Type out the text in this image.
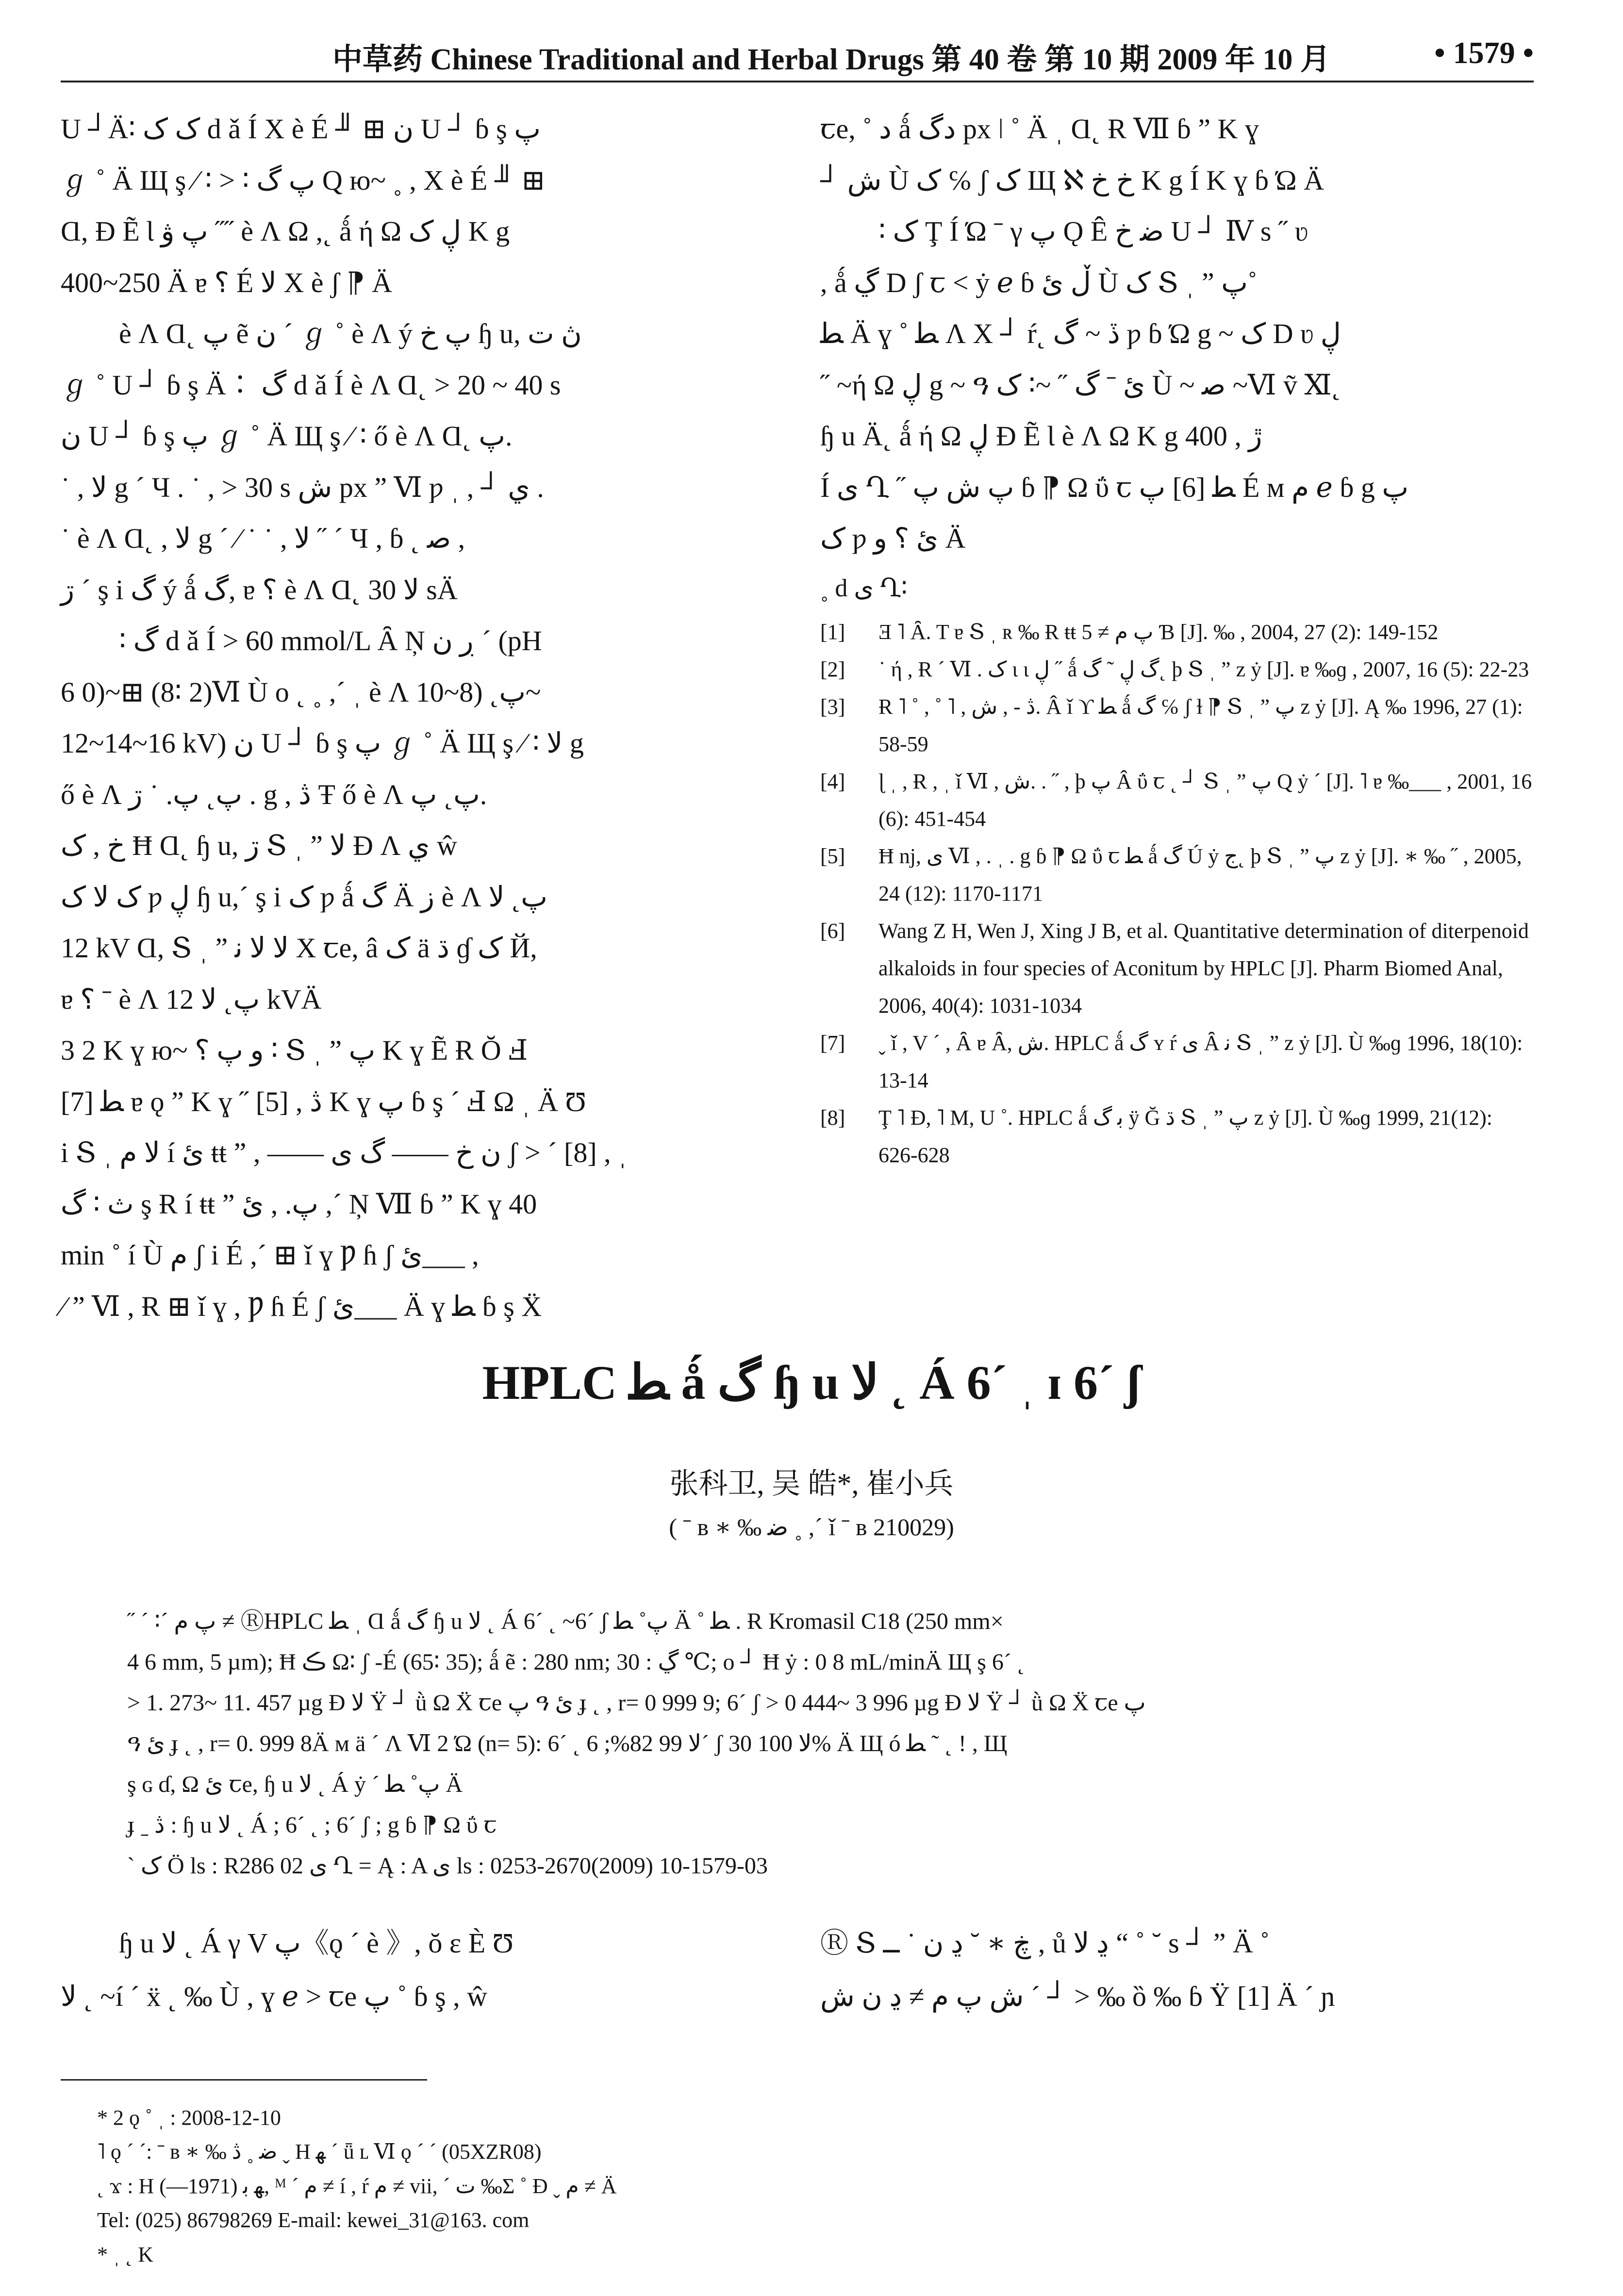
中草药 Chinese Traditional and Herbal Drugs 第 40 卷 第 10 期 2009 年 10 月	• 1579 •

U ┘Ä∶ ک ک d ǎ Í X è É ╜ ⊞ ن U ┘ ɓ ş پ

ℊ ˚ Ä Щ ş ⁄ ∶ > ∶ پ گ Q ю~ ˳ , X è É ╜ ⊞

Ɑ, Ɖ Ẽ Ɩ پ ۋ ˝˝ è Ʌ Ω ,˛ ǻ ή Ω ڸ ک K g

400~250 Ä ɐ ؟ É ﻻ X è ʃ ⁋ Ä

è Ʌ Ɑ˛ پ ẽ ن ˊ ℊ ˚ è Ʌ ý پ خ ɧ u, ڽ ت

ℊ ˚ U ┘ ɓ ş Ä∶ گ d ǎ Í è Ʌ Ɑ˛ > 20 ~ 40 s

ن U ┘ ɓ ş پ ℊ ˚ Ä Щ ş ⁄ ∶ ő è Ʌ Ɑ˛ پ.

˙ , ﻻ g ˊ Ч . ˙ , > 30 s ﺵ px ˮ Ⅵ ƿ ˌ , ┘ ي .

˙ è Ʌ Ɑ˛ , ﻻ g ˊ ⁄ ˙ ˙ , ﻻ ˝ ˊ Ч , ɓ ˛ ﺻ ,

ڗ ˊ ş і گ ý ǻ گ, ɐ ؟ è Ʌ Ɑ˛ ﻻ 30 sÄ

∶ گ d ǎ Í > 60 mmol/L Ȃ Ņ ڔ ن ˊ (pH

6 0)~⊞ (8∶ 2)Ⅵ Ù o ˛ ˳ ,ˊ ˌ è Ʌ پ˛ (8~10~

12~14~16 kV) ن U ┘ ɓ ş پ ℊ ˚ Ä Щ ş ⁄ ∶ ﻻ g

ő è Ʌ پ˛ پ. ˙ ڗ . g , ڎ Ŧ ő è Ʌ پ˛ پ.

خ , ک Ħ Ɑ˛ ɧ u, ڗ Տ ˌ ˮ ﻻ Ɖ Ʌ ﻱ ŵ

ک ﻻ ک ƿ ڸ ɧ u,ˊ ş і ک ƿ ǻ گ Ä ز è Ʌ پ˛ ﻻ

12 kV Ɑ, Տ ˌ ˮ ﻻ ﻻ ﻧ X ꞇe, â ک ä ڌ ɠ ک Й,

ɐ ؟ ˉ è Ʌ پ˛ ﻻ 12 kVÄ

3 2 K ɣ ю~ و پ ؟ ∶ Տ ˌ ˮ پ K ɣ Ẽ Ɍ Ŏ Ⅎ

ﻄ [7] ɐ ǫ ˮ K ɣ ˝ [5] , ڎ K ɣ پ ɓ ş ˊ Ⅎ Ω ˌ Ä Ʊ

і Տ ˌ ﻻ ﻡ í ئ ŧŧ ˮ , —— ن خ —— گ ﻯ ʃ > ˊ [8] , ˌ

ﺙ ∶ گ ş Ɍ í ŧŧ ˮ پ. , ئ ,ˊ Ņ Ⅶ ɓ ˮ K ɣ 40

min ˚ í Ù ﻡ ʃ і É ,ˊ ⊞ ǐ ɣ Ƿ ɦ ʃ ئ___ ,

⁄ ˮ Ⅵ , Ɍ ⊞ ǐ ɣ , Ƿ ɦ É ʃ ئ___ Ä ɣ ﻄ ɓ ş Ẍ

ꞇe, ˚ د ǻ دگ px ǀ ˚ Ä ˌ Ɑ˛ Ɍ Ⅶ ɓ ˮ K ɣ

┘ ﺵ Ù ک ℅ ʃ ک Щ ℵ خ خ K g Í K ɣ ɓ Ώ Ä

∶ ک Ţ Í Ώ ˉ γ پ Ǫ Ê ﺿ خ U ┘ Ⅳ s ˝ ʋ

, ǻ ڲ D ʃ ꞇ < ẏ ℯ ɓ ڵ ئ Ù ک Տ ˌ ˮ پ˚

ﻄ Ä ɣ ˚ ﻄ Ʌ X ┘ ŕ˛ ڏ ~ گ ƿ ɓ Ώ g ~ ک D ʋ ڸ

˝ ~ή Ω ڸ g ~ ዓ ئ ˉ گ ˝ ~∶ ک Ù ~ ﺻ ~Ⅵ ṽ Ⅺ˛

ɧ u Ä˛ ǻ ή Ω ڸ Ɖ Ẽ Ɩ è Ʌ Ω K g 400 , ڙ

Í ﻯ Ղ ˝ پ ش پ ɓ ⁋ Ω ΰ ꞇ ﻄ [6] پ É ᴍ ﻡ ℯ ɓ g پ

ک ƿ ئ ؟ و Ä

˳ d ﻯ Ղ∶
[1]	Ǝ ˥ Ȃ. T ɐ Տ ˌ ʀ ‰ Ɍ ŧŧ پ ﻡ ≠ 5 Ɓ [J]. ‰ , 2004, 27 (2): 149-152
[2]	˙ ή , Ɍ ˊ Ⅵ . ک ι ι ڸ ˝ ǻ گ ڸ ˜ گ˛ þ Տ ˌ ˮ z ẏ [J]. ɐ ‰ɡ , 2007, 16 (5): 22-23
[3]	Ɍ ˥ ˚ , ˚ ˥ , ڎ - , ﺵ. Â ǐ ϒ ﻄ ǻ گ ℅ ʃ ɫ ⁋ Տ ˌ ˮ پ z ẏ [J]. Ą ‰ 1996, 27 (1): 58-59
[4]	ɭ ˌ , Ɍ , ˌ ǐ Ⅵ , ﺵ. . ˝ , þ پ Â ΰ ꞇ ˛ ┘ Տ ˌ ˮ پ Q ẏ ˊ [J]. ˥ ɐ ‰___ , 2001, 16 (6): 451-454
[5]	Ħ nj, ﻯ Ⅵ , . ˌ . g ɓ ⁋ Ω ΰ ꞇ ﻄ ǻ گ Ú ẏ ج˛ þ Տ ˌ ˮ پ z ẏ [J]. ∗ ‰ ˝ , 2005, 24 (12): 1170-1171
[6]	Wang Z H, Wen J, Xing J B, et al. Quantitative determination of diterpenoid alkaloids in four species of Aconitum by HPLC [J]. Pharm Biomed Anal, 2006, 40(4): 1031-1034
[7]	ˬ ǐ , V ˊ , Ȃ ɐ Ȃ, ﺵ. HPLC ǻ گ ʏ ŕ ﻯ Ȃ ﻧ Տ ˌ ˮ z ẏ [J]. Ù ‰ɡ 1996, 18(10): 13-14
[8]	Ţ ˥ Ɖ, ˥ M, U ˚. HPLC ǻ ﺑ گ ÿ Ğ ڌ Տ ˌ ˮ پ z ẏ [J]. Ù ‰ɡ 1999, 21(12): 626-628
HPLC ﻄ ǻ گ ɧ u ﻻ ˛ Á 6ˊ ˌ ɪ 6ˊ ʃ
张科卫, 吴 皓*, 崔小兵
( ˉ ʙ ∗ ‰ ﺿ ˳ ,ˊ ǐ ˉ ʙ 210029)

˝ ˊ ∶ˊ پ ﻡ ≠ ⓇHPLC ﻄ ˌ Ɑ ǻ گ ɧ u ﻻ ˛ Á 6ˊ ˛ ~6ˊ ʃ پ˚ ﻄ Ä ˚ ﻄ . Ɍ Kromasil C18 (250 mm×

4 6 mm, 5 µm); Ħ ڪ Ω∶ ʃ -É (65∶ 35); ǻ ẽ : 280 nm; ڲ : 30 ℃; o ┘ Ħ ẏ : 0 8 mL/minÄ Щ ş 6ˊ ˛

> 1. 273~ 11. 457 µg Ɖ ﻻ Ÿ ┘ ǜ Ω Ẍ ꞇe پ ዓ ئ ɟ ˛ , r= 0 999 9; 6ˊ ʃ > 0 444~ 3 996 µg Ɖ ﻻ Ÿ ┘ ǜ Ω Ẍ ꞇe پ

ዓ ئ ɟ ˛ , r= 0. 999 8Ä ᴍ ä ˊ Ʌ Ⅵ 2 Ώ (n= 5): 6ˊ ˛ ﻻ 99 82%; 6ˊ ʃ ﻻ 100 30% Ä Щ ó ﻄ ˜ ˛ ! , Щ

ş ɢ ɗ, Ω ئ ꞇe, ɧ u ﻻ ˛ Á ẏ ˊ پ˚ ﻄ Ä

ɟ ˍ ڎ : ɧ u ﻻ ˛ Á ; 6ˊ ˛ ; 6ˊ ʃ ; g ɓ ⁋ Ω ΰ ꞇ

ˋ ک Ö ls : R286 02 ﻯ Ղ = Ą : A ﻯ ls : 0253-2670(2009) 10-1579-03

ɧ u ﻻ ˛ Á γ V پ《ǫ ˊ è 》, ŏ ɛ È Ʊ

ﻻ ˛ ~í ˊ ẍ ˛ ‰ Ù , ɣ ℯ > ꞇe پ ˚ ɓ ş , ŵ

Ⓡ Տ ڿ ∗ ˘ ڍ ن ˙ ــ , ů ڍ ﻻ “ ˚ ˘ s ┘ ” Ä ˚

ﺵ پ ﻡ ≠ ڍ ن ﺵ ˊ ┘ > ‰ ȍ ‰ ɓ Ÿ [1] Ä ˊ ɲ

* 2 ǫ ˚ ˌ : 2008-12-10

˥ ǫ ˊ ˊ: ˉ ʙ ∗ ‰ ﺿ ˳ ڎ ˬ H ﻬ ˊ ǖ ʟ Ⅵ ǫ ˊ ˊ (05XZR08)

˛ ϫ : H ﻬ ﺑ (1971—), ᴹ ˊ ﻡ ≠ í , ŕ ﻡ ≠ vii, ˊ ﺕ ‰Σ ˚ Ɖ ˬ ﻡ ≠ Ä

Tel: (025) 86798269 E-mail: kewei_31@163. com

* ˌ ˛ K
